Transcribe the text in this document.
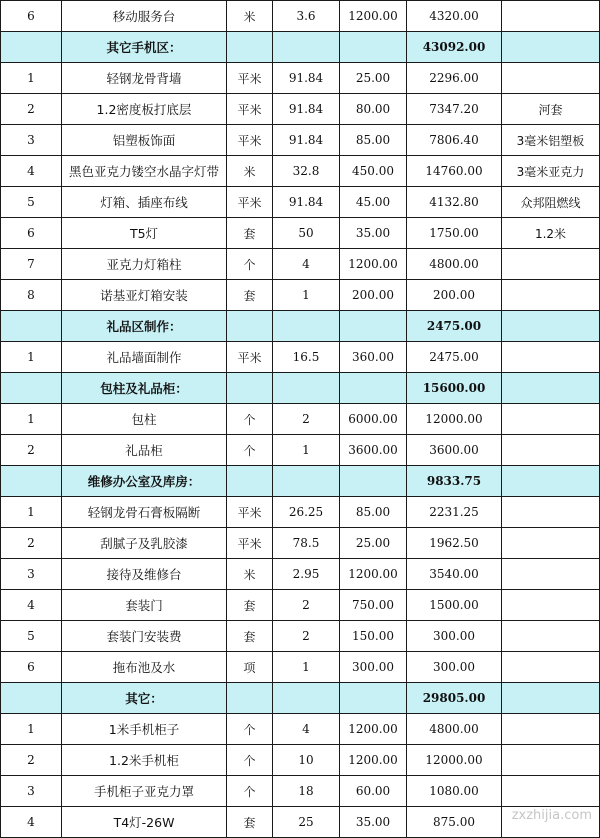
6	移动服务台	米	3.6	1200.00	4320.00	
	其它手机区：				43092.00	
1	轻钢龙骨背墙	平米	91.84	25.00	2296.00	
2	1.2密度板打底层	平米	91.84	80.00	7347.20	河套
3	铝塑板饰面	平米	91.84	85.00	7806.40	3毫米铝塑板
4	黑色亚克力镂空水晶字灯带	米	32.8	450.00	14760.00	3毫米亚克力
5	灯箱、插座布线	平米	91.84	45.00	4132.80	众邦阻燃线
6	T5灯	套	50	35.00	1750.00	1.2米
7	亚克力灯箱柱	个	4	1200.00	4800.00	
8	诺基亚灯箱安装	套	1	200.00	200.00	
	礼品区制作：				2475.00	
1	礼品墙面制作	平米	16.5	360.00	2475.00	
	包柱及礼品柜：				15600.00	
1	包柱	个	2	6000.00	12000.00	
2	礼品柜	个	1	3600.00	3600.00	
	维修办公室及库房：				9833.75	
1	轻钢龙骨石膏板隔断	平米	26.25	85.00	2231.25	
2	刮腻子及乳胶漆	平米	78.5	25.00	1962.50	
3	接待及维修台	米	2.95	1200.00	3540.00	
4	套装门	套	2	750.00	1500.00	
5	套装门安装费	套	2	150.00	300.00	
6	拖布池及水	项	1	300.00	300.00	
	其它：				29805.00	
1	1米手机柜子	个	4	1200.00	4800.00	
2	1.2米手机柜	个	10	1200.00	12000.00	
3	手机柜子亚克力罩	个	18	60.00	1080.00	
4	T4灯-26W	套	25	35.00	875.00		zxzhijia.com
